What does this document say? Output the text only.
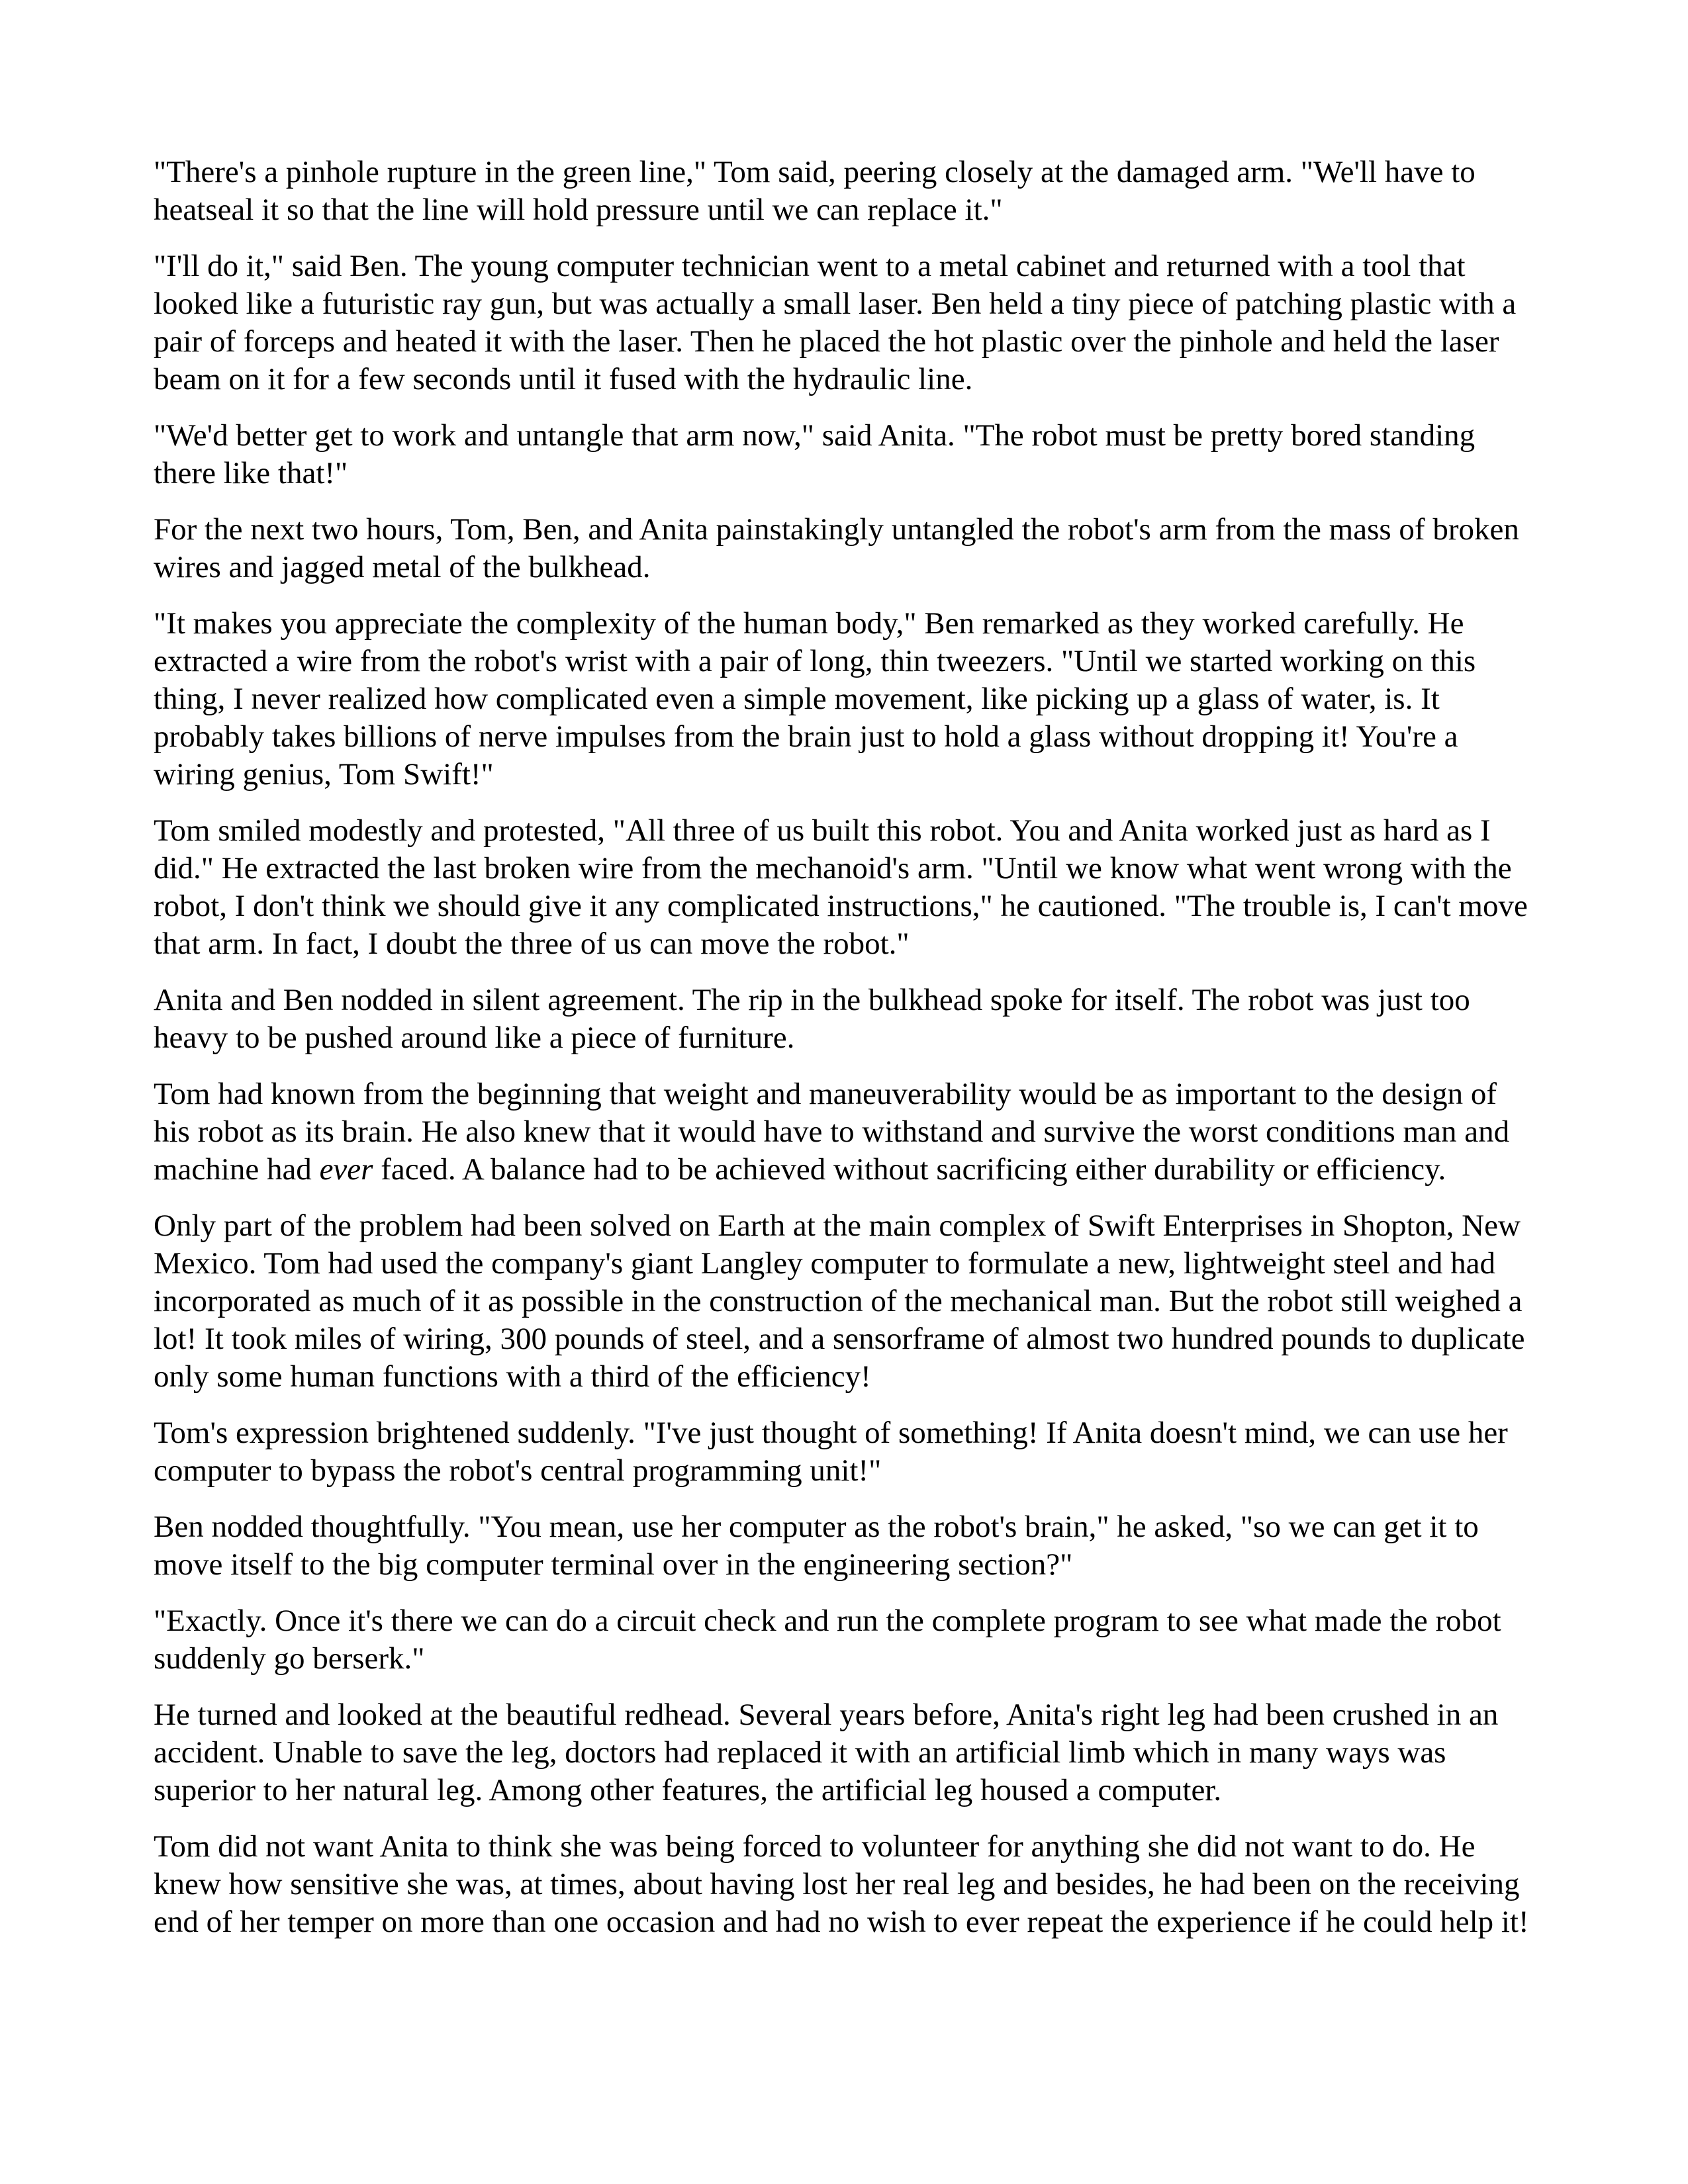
"There's a pinhole rupture in the green line," Tom said, peering closely at the damaged arm. "We'll have to heatseal it so that the line will hold pressure until we can replace it."

"I'll do it," said Ben. The young computer technician went to a metal cabinet and returned with a tool that looked like a futuristic ray gun, but was actually a small laser. Ben held a tiny piece of patching plastic with a pair of forceps and heated it with the laser. Then he placed the hot plastic over the pinhole and held the laser beam on it for a few seconds until it fused with the hydraulic line.

"We'd better get to work and untangle that arm now," said Anita. "The robot must be pretty bored standing there like that!"

For the next two hours, Tom, Ben, and Anita painstakingly untangled the robot's arm from the mass of broken wires and jagged metal of the bulkhead.

"It makes you appreciate the complexity of the human body," Ben remarked as they worked carefully. He extracted a wire from the robot's wrist with a pair of long, thin tweezers. "Until we started working on this thing, I never realized how complicated even a simple movement, like picking up a glass of water, is. It probably takes billions of nerve impulses from the brain just to hold a glass without dropping it! You're a wiring genius, Tom Swift!"

Tom smiled modestly and protested, "All three of us built this robot. You and Anita worked just as hard as I did." He extracted the last broken wire from the mechanoid's arm. "Until we know what went wrong with the robot, I don't think we should give it any complicated instructions," he cautioned. "The trouble is, I can't move that arm. In fact, I doubt the three of us can move the robot."

Anita and Ben nodded in silent agreement. The rip in the bulkhead spoke for itself. The robot was just too heavy to be pushed around like a piece of furniture.

Tom had known from the beginning that weight and maneuverability would be as important to the design of his robot as its brain. He also knew that it would have to withstand and survive the worst conditions man and machine had ever faced. A balance had to be achieved without sacrificing either durability or efficiency.

Only part of the problem had been solved on Earth at the main complex of Swift Enterprises in Shopton, New Mexico. Tom had used the company's giant Langley computer to formulate a new, lightweight steel and had incorporated as much of it as possible in the construction of the mechanical man. But the robot still weighed a lot! It took miles of wiring, 300 pounds of steel, and a sensorframe of almost two hundred pounds to duplicate only some human functions with a third of the efficiency!

Tom's expression brightened suddenly. "I've just thought of something! If Anita doesn't mind, we can use her computer to bypass the robot's central programming unit!"

Ben nodded thoughtfully. "You mean, use her computer as the robot's brain," he asked, "so we can get it to move itself to the big computer terminal over in the engineering section?"

"Exactly. Once it's there we can do a circuit check and run the complete program to see what made the robot suddenly go berserk."

He turned and looked at the beautiful redhead. Several years before, Anita's right leg had been crushed in an accident. Unable to save the leg, doctors had replaced it with an artificial limb which in many ways was superior to her natural leg. Among other features, the artificial leg housed a computer.

Tom did not want Anita to think she was being forced to volunteer for anything she did not want to do. He knew how sensitive she was, at times, about having lost her real leg and besides, he had been on the receiving end of her temper on more than one occasion and had no wish to ever repeat the experience if he could help it!
